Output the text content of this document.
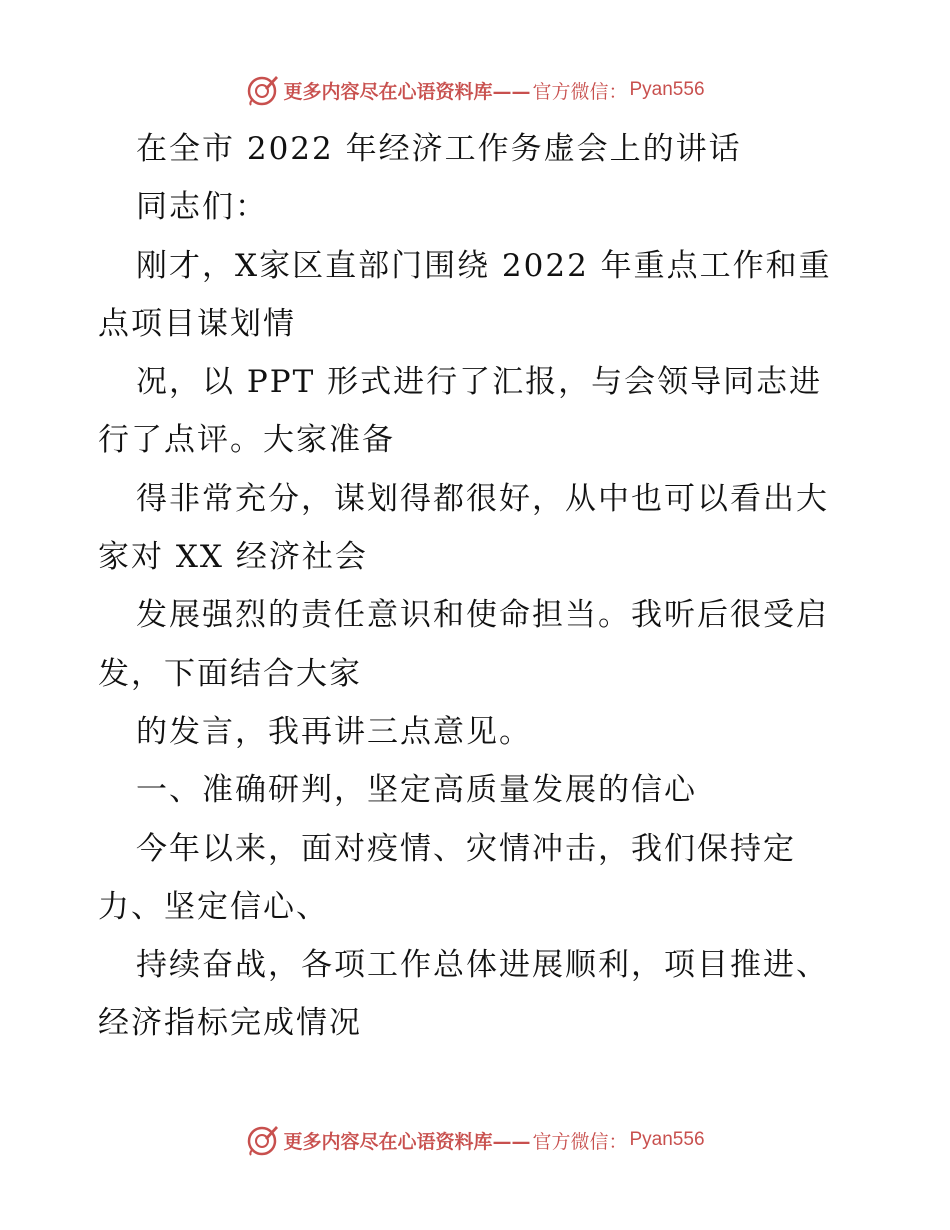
更多内容尽在心语资料库—— 官方微信： Pyan556
在全市 2022 年经济工作务虚会上的讲话
同志们：
刚才，X家区直部门围绕 2022 年重点工作和重
点项目谋划情
况，以 PPT 形式进行了汇报，与会领导同志进
行了点评。大家准备
得非常充分，谋划得都很好，从中也可以看出大
家对 XX 经济社会
发展强烈的责任意识和使命担当。我听后很受启
发，下面结合大家
的发言，我再讲三点意见。
一、准确研判，坚定高质量发展的信心
今年以来，面对疫情、灾情冲击，我们保持定
力、坚定信心、
持续奋战，各项工作总体进展顺利，项目推进、
经济指标完成情况
更多内容尽在心语资料库—— 官方微信： Pyan556
